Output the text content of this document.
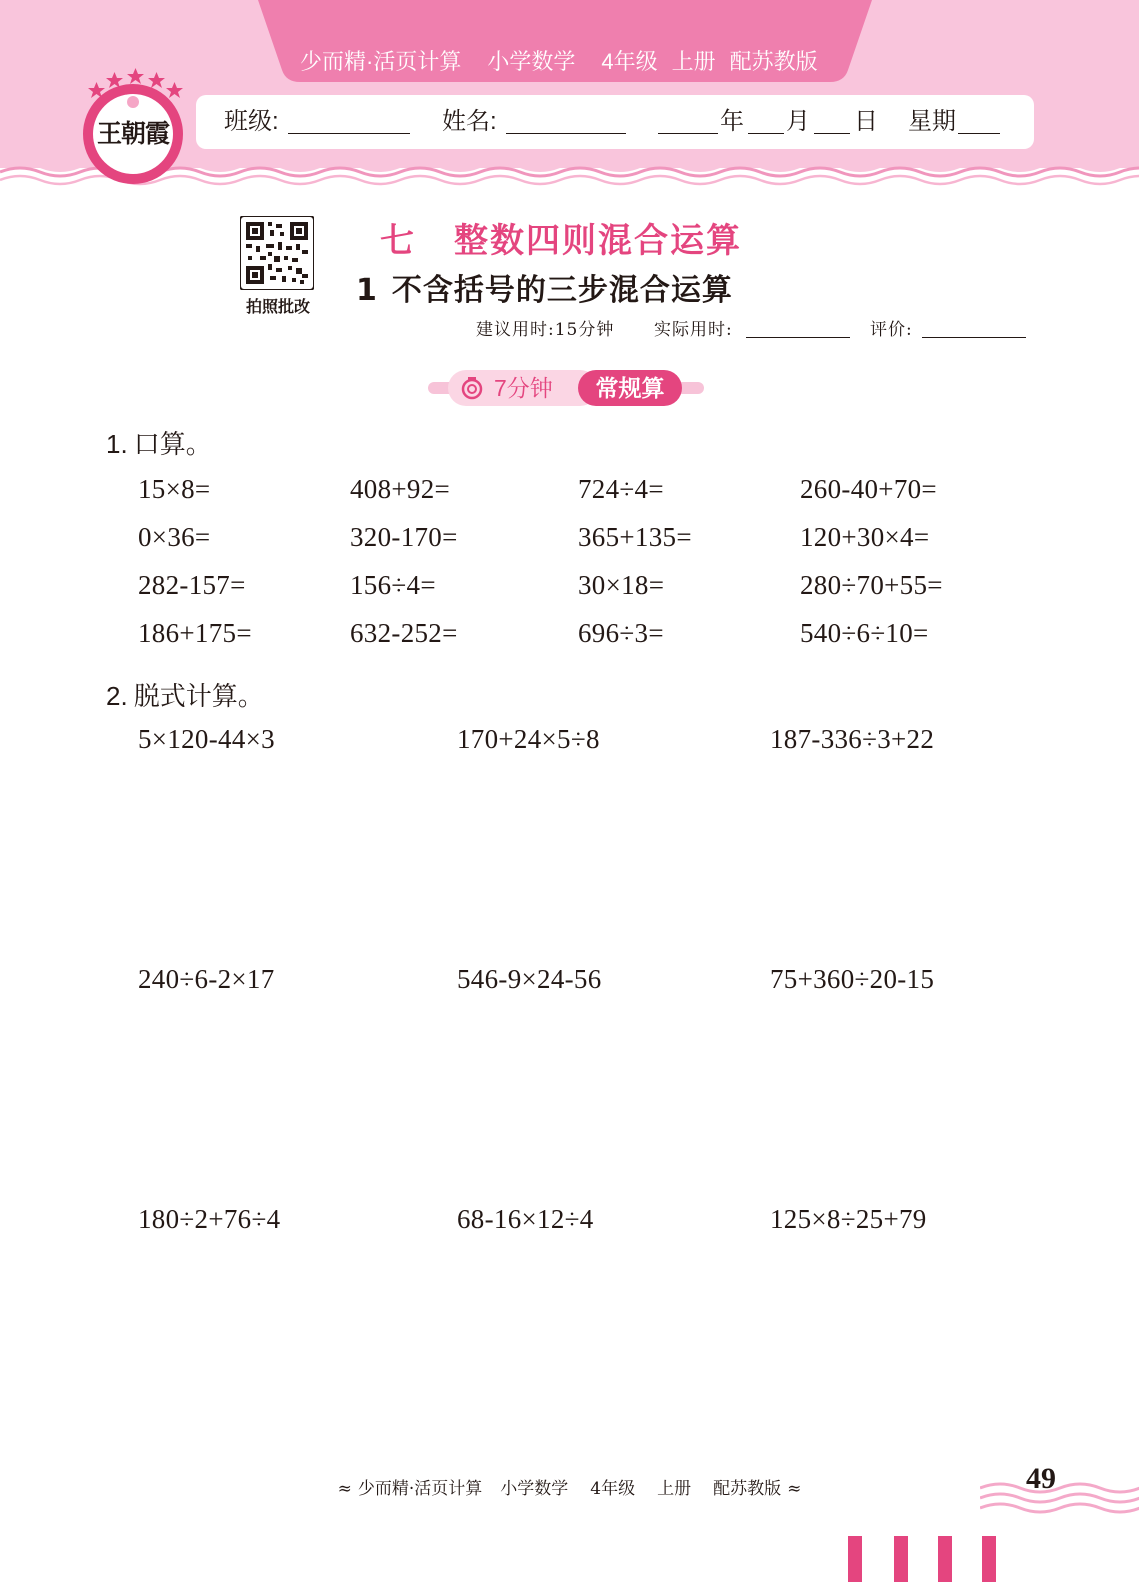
少而精·活页计算 小学数学 4年级 上册 配苏教版
王朝霞 班级:	姓名:	年 月 日 星期
拍照批改
七 整数四则混合运算
1 不含括号的三步混合运算
建议用时:15分钟 实际用时:	评价:
7分钟	常规算
1. 口算。
15×8=	408+92=	724÷4=	260-40+70=
0×36=	320-170=	365+135=	120+30×4=
282-157=	156÷4=	30×18=	280÷70+55=
186+175=	632-252=	696÷3=	540÷6÷10=
2. 脱式计算。
5×120-44×3	170+24×5÷8	187-336÷3+22
240÷6-2×17	546-9×24-56	75+360÷20-15
180÷2+76÷4	68-16×12÷4	125×8÷25+79
≈ 少而精·活页计算 小学数学 4年级 上册 配苏教版 ≈	49
